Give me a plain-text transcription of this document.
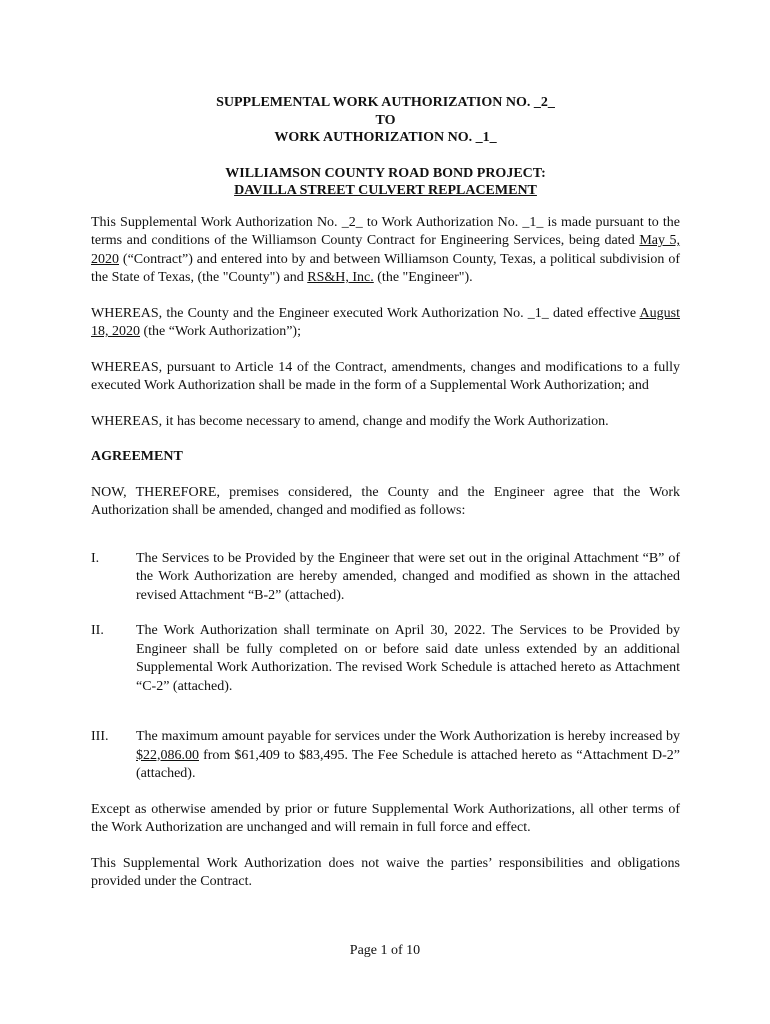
SUPPLEMENTAL WORK AUTHORIZATION NO. _2_
TO
WORK AUTHORIZATION NO. _1_
WILLIAMSON COUNTY ROAD BOND PROJECT:
DAVILLA STREET CULVERT REPLACEMENT

This Supplemental Work Authorization No. _2_ to Work Authorization No. _1_ is made pursuant to the terms and conditions of the Williamson County Contract for Engineering Services, being dated May 5, 2020 (“Contract”) and entered into by and between Williamson County, Texas, a political subdivision of the State of Texas, (the "County") and RS&H, Inc. (the "Engineer").

WHEREAS, the County and the Engineer executed Work Authorization No. _1_ dated effective August 18, 2020 (the “Work Authorization”);

WHEREAS, pursuant to Article 14 of the Contract, amendments, changes and modifications to a fully executed Work Authorization shall be made in the form of a Supplemental Work Authorization; and

WHEREAS, it has become necessary to amend, change and modify the Work Authorization.

AGREEMENT

NOW, THEREFORE, premises considered, the County and the Engineer agree that the Work Authorization shall be amended, changed and modified as follows:

I.	The Services to be Provided by the Engineer that were set out in the original Attachment “B” of the Work Authorization are hereby amended, changed and modified as shown in the attached revised Attachment “B-2” (attached).
II.	The Work Authorization shall terminate on April 30, 2022. The Services to be Provided by Engineer shall be fully completed on or before said date unless extended by an additional Supplemental Work Authorization. The revised Work Schedule is attached hereto as Attachment “C-2” (attached).
III.	The maximum amount payable for services under the Work Authorization is hereby increased by $22,086.00 from $61,409 to $83,495. The Fee Schedule is attached hereto as “Attachment D-2” (attached).

Except as otherwise amended by prior or future Supplemental Work Authorizations, all other terms of the Work Authorization are unchanged and will remain in full force and effect.

This Supplemental Work Authorization does not waive the parties’ responsibilities and obligations provided under the Contract.

Page 1 of 10
